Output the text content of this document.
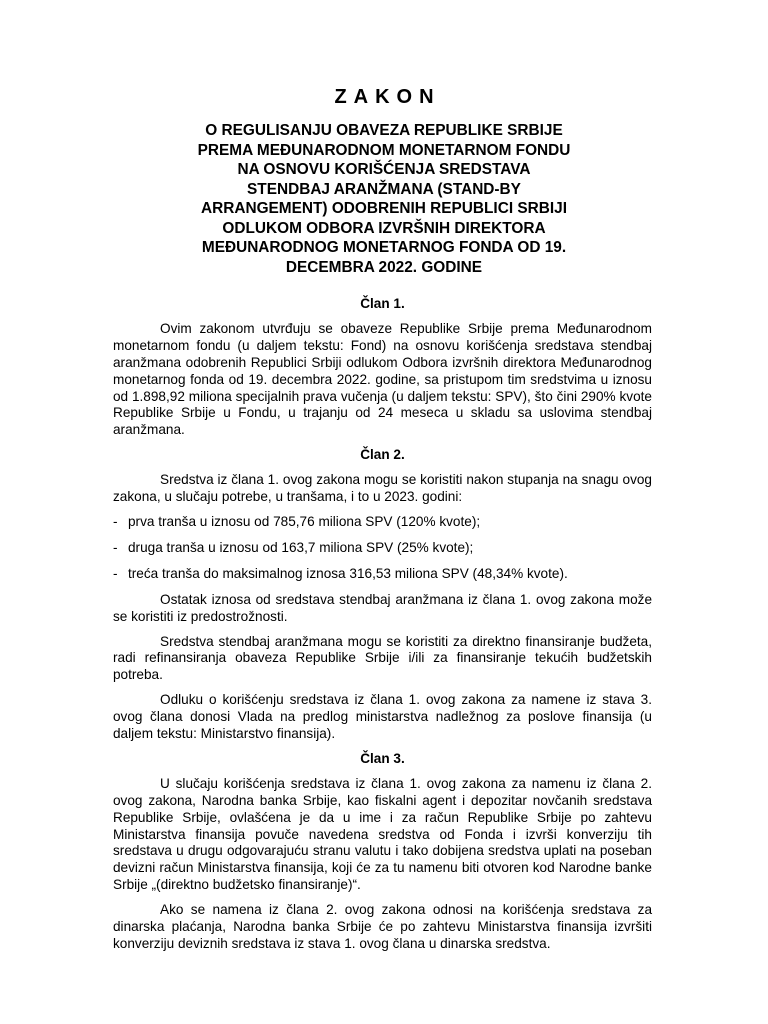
ZAKON
O REGULISANJU OBAVEZA REPUBLIKE SRBIJE
PREMA MEĐUNARODNOM MONETARNOM FONDU
NA OSNOVU KORIŠĆENJA SREDSTAVA
STENDBAJ ARANŽMANA (STAND-BY
ARRANGEMENT) ODOBRENIH REPUBLICI SRBIJI
ODLUKOM ODBORA IZVRŠNIH DIREKTORA
MEĐUNARODNOG MONETARNOG FONDA OD 19.
DECEMBRA 2022. GODINE
Član 1.

Ovim zakonom utvrđuju se obaveze Republike Srbije prema Međunarodnom monetarnom fondu (u daljem tekstu: Fond) na osnovu korišćenja sredstava stendbaj aranžmana odobrenih Republici Srbiji odlukom Odbora izvršnih direktora Međunarodnog monetarnog fonda od 19. decembra 2022. godine, sa pristupom tim sredstvima u iznosu od 1.898,92 miliona specijalnih prava vučenja (u daljem tekstu: SPV), što čini 290% kvote Republike Srbije u Fondu, u trajanju od 24 meseca u skladu sa uslovima stendbaj aranžmana.

Član 2.

Sredstva iz člana 1. ovog zakona mogu se koristiti nakon stupanja na snagu ovog zakona, u slučaju potrebe, u tranšama, i to u 2023. godini:

- prva tranša u iznosu od 785,76 miliona SPV (120% kvote);
- druga tranša u iznosu od 163,7 miliona SPV (25% kvote);
- treća tranša do maksimalnog iznosa 316,53 miliona SPV (48,34% kvote).

Ostatak iznosa od sredstava stendbaj aranžmana iz člana 1. ovog zakona može se koristiti iz predostrožnosti.

Sredstva stendbaj aranžmana mogu se koristiti za direktno finansiranje budžeta, radi refinansiranja obaveza Republike Srbije i/ili za finansiranje tekućih budžetskih potreba.

Odluku o korišćenju sredstava iz člana 1. ovog zakona za namene iz stava 3. ovog člana donosi Vlada na predlog ministarstva nadležnog za poslove finansija (u daljem tekstu: Ministarstvo finansija).

Član 3.

U slučaju korišćenja sredstava iz člana 1. ovog zakona za namenu iz člana 2. ovog zakona, Narodna banka Srbije, kao fiskalni agent i depozitar novčanih sredstava Republike Srbije, ovlašćena je da u ime i za račun Republike Srbije po zahtevu Ministarstva finansija povuče navedena sredstva od Fonda i izvrši konverziju tih sredstava u drugu odgovarajuću stranu valutu i tako dobijena sredstva uplati na poseban devizni račun Ministarstva finansija, koji će za tu namenu biti otvoren kod Narodne banke Srbije „(direktno budžetsko finansiranje)“.

Ako se namena iz člana 2. ovog zakona odnosi na korišćenja sredstava za dinarska plaćanja, Narodna banka Srbije će po zahtevu Ministarstva finansija izvršiti konverziju deviznih sredstava iz stava 1. ovog člana u dinarska sredstva.
